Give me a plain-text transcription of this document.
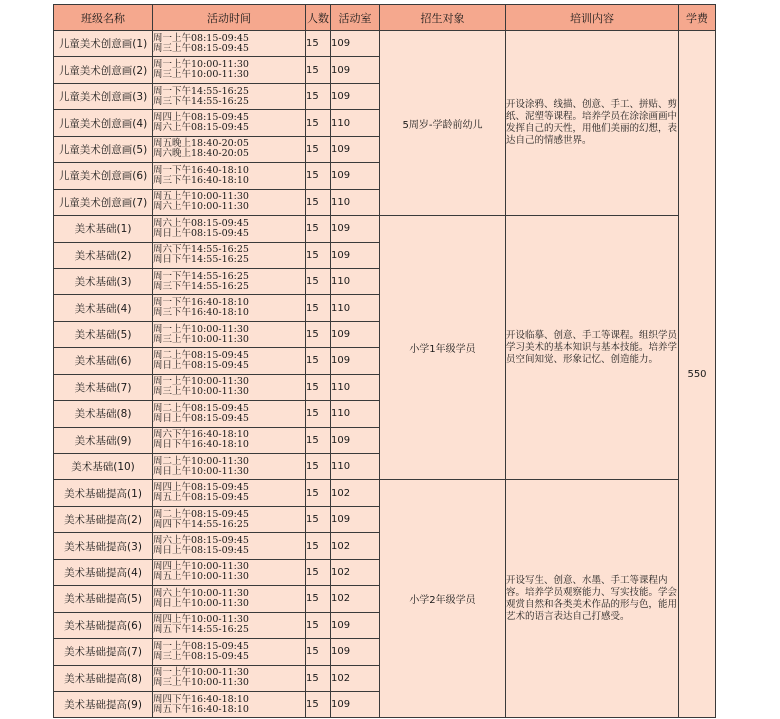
班级名称	活动时间	人数	活动室	招生对象	培训内容	学费
儿童美术创意画(1)	周一上午08:15-09:45
周三上午08:15-09:45	15	109	5周岁-学龄前幼儿	开设涂鸦、线描、创意、手工、拼贴、剪纸、泥塑等课程。培养学员在涂涂画画中发挥自己的天性，用他们美丽的幻想，表达自己的情感世界。	550
儿童美术创意画(2)	周一上午10:00-11:30
周三上午10:00-11:30	15	109			
儿童美术创意画(3)	周一下午14:55-16:25
周三下午14:55-16:25	15	109			
儿童美术创意画(4)	周四上午08:15-09:45
周六上午08:15-09:45	15	110			
儿童美术创意画(5)	周五晚上18:40-20:05
周六晚上18:40-20:05	15	109			
儿童美术创意画(6)	周一下午16:40-18:10
周三下午16:40-18:10	15	109			
儿童美术创意画(7)	周五上午10:00-11:30
周六上午10:00-11:30	15	110			
美术基础(1)	周六上午08:15-09:45
周日上午08:15-09:45	15	109	小学1年级学员	开设临摹、创意、手工等课程。组织学员学习美术的基本知识与基本技能。培养学员空间知觉、形象记忆、创造能力。	
美术基础(2)	周六下午14:55-16:25
周日下午14:55-16:25	15	109			
美术基础(3)	周一下午14:55-16:25
周三下午14:55-16:25	15	110			
美术基础(4)	周一下午16:40-18:10
周三下午16:40-18:10	15	110			
美术基础(5)	周一上午10:00-11:30
周三上午10:00-11:30	15	109			
美术基础(6)	周二上午08:15-09:45
周日上午08:15-09:45	15	109			
美术基础(7)	周一上午10:00-11:30
周三上午10:00-11:30	15	110			
美术基础(8)	周二上午08:15-09:45
周日上午08:15-09:45	15	110			
美术基础(9)	周六下午16:40-18:10
周日下午16:40-18:10	15	109			
美术基础(10)	周二上午10:00-11:30
周日上午10:00-11:30	15	110			
美术基础提高(1)	周四上午08:15-09:45
周五上午08:15-09:45	15	102	小学2年级学员	开设写生、创意、水墨、手工等课程内容。培养学员观察能力、写实技能。学会观赏自然和各类美术作品的形与色，能用艺术的语言表达自己打感受。	
美术基础提高(2)	周二上午08:15-09:45
周四下午14:55-16:25	15	109			
美术基础提高(3)	周六上午08:15-09:45
周日上午08:15-09:45	15	102			
美术基础提高(4)	周四上午10:00-11:30
周五上午10:00-11:30	15	102			
美术基础提高(5)	周六上午10:00-11:30
周日上午10:00-11:30	15	102			
美术基础提高(6)	周四上午10:00-11:30
周五下午14:55-16:25	15	109			
美术基础提高(7)	周一上午08:15-09:45
周三上午08:15-09:45	15	109			
美术基础提高(8)	周一上午10:00-11:30
周三上午10:00-11:30	15	102			
美术基础提高(9)	周四下午16:40-18:10
周五下午16:40-18:10	15	109			
